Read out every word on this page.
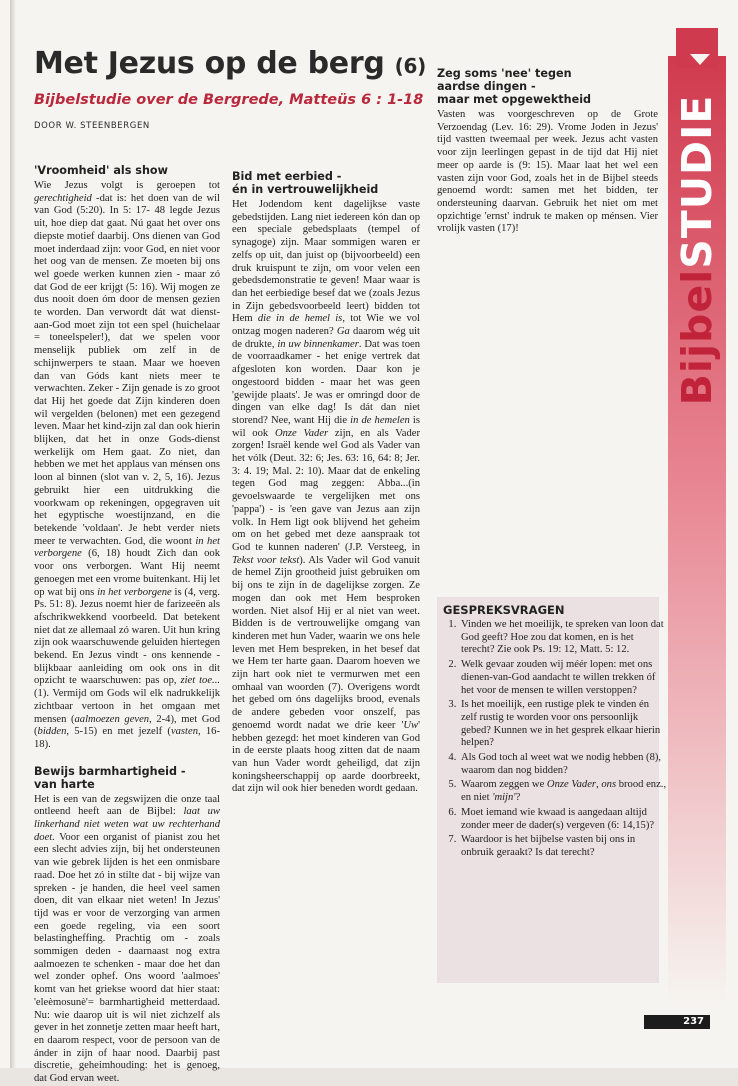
Met Jezus op de berg (6)
Bijbelstudie over de Bergrede, Matteüs 6 : 1-18
DOOR W. STEENBERGEN
'Vroomheid' als show

Wie Jezus volgt is geroepen tot gerechtigheid -dat is: het doen van de wil van God (5:20). In 5: 17- 48 legde Jezus uit, hoe diep dat gaat. Nú gaat het over ons diepste motief daarbij. Ons dienen van God moet inderdaad zijn: voor God, en niet voor het oog van de mensen. Ze moeten bij ons wel goede werken kunnen zien - maar zó dat God de eer krijgt (5: 16). Wij mogen ze dus nooit doen óm door de mensen gezien te worden. Dan verwordt dát wat dienst-aan-God moet zijn tot een spel (huichelaar = toneelspeler!), dat we spelen voor menselijk publiek om zelf in de schijnwerpers te staan. Maar we hoeven dan van Góds kant niets meer te verwachten. Zeker - Zijn genade is zo groot dat Hij het goede dat Zijn kinderen doen wil vergelden (belonen) met een gezegend leven. Maar het kind-zijn zal dan ook hierin blijken, dat het in onze Gods-dienst werkelijk om Hem gaat. Zo niet, dan hebben we met het applaus van ménsen ons loon al binnen (slot van v. 2, 5, 16). Jezus gebruikt hier een uitdrukking die voorkwam op rekeningen, opgegraven uit het egyptische woestijnzand, en die betekende 'voldaan'. Je hebt verder niets meer te verwachten. God, die woont in het verborgene (6, 18) houdt Zich dan ook voor ons verborgen. Want Hij neemt genoegen met een vrome buitenkant. Hij let op wat bij ons in het verborgene is (4, verg. Ps. 51: 8). Jezus noemt hier de farizeeën als afschrikwekkend voorbeeld. Dat betekent niet dat ze allemaal zó waren. Uit hun kring zijn ook waarschuwende geluiden hiertegen bekend. En Jezus vindt - ons kennende - blijkbaar aanleiding om ook ons in dit opzicht te waarschuwen: pas op, ziet toe... (1). Vermijd om Gods wil elk nadrukkelijk zichtbaar vertoon in het omgaan met mensen (aalmoezen geven, 2-4), met God (bidden, 5-15) en met jezelf (vasten, 16-18).

Bewijs barmhartigheid -
van harte

Het is een van de zegswijzen die onze taal ontleend heeft aan de Bijbel: laat uw linkerhand niet weten wat uw rechterhand doet. Voor een organist of pianist zou het een slecht advies zijn, bij het ondersteunen van wie gebrek lijden is het een onmisbare raad. Doe het zó in stilte dat - bij wijze van spreken - je handen, die heel veel samen doen, dit van elkaar niet weten! In Jezus' tijd was er voor de verzorging van armen een goede regeling, via een soort belastingheffing. Prachtig om - zoals sommigen deden - daarnaast nog extra aalmoezen te schenken - maar doe het dan wel zonder ophef. Ons woord 'aalmoes' komt van het griekse woord dat hier staat: 'eleèmosunè'= barmhartigheid metterdaad. Nu: wie daarop uit is wil niet zichzelf als gever in het zonnetje zetten maar heeft hart, en daarom respect, voor de persoon van de ánder in zijn of haar nood. Daarbij past discretie, geheimhouding: het is genoeg, dat God ervan weet.

Bid met eerbied -
én in vertrouwelijkheid

Het Jodendom kent dagelijkse vaste gebedstijden. Lang niet iedereen kón dan op een speciale gebedsplaats (tempel of synagoge) zijn. Maar sommigen waren er zelfs op uit, dan juist op (bijvoorbeeld) een druk kruispunt te zijn, om voor velen een gebedsdemonstratie te geven! Maar waar is dan het eerbiedige besef dat we (zoals Jezus in Zijn gebedsvoorbeeld leert) bidden tot Hem die in de hemel is, tot Wie we vol ontzag mogen naderen? Ga daarom wég uit de drukte, in uw binnenkamer. Dat was toen de voorraadkamer - het enige vertrek dat afgesloten kon worden. Daar kon je ongestoord bidden - maar het was geen 'gewijde plaats'. Je was er omringd door de dingen van elke dag! Is dát dan niet storend? Nee, want Hij die in de hemelen is wil ook Onze Vader zijn, en als Vader zorgen! Israël kende wel God als Vader van het vólk (Deut. 32: 6; Jes. 63: 16, 64: 8; Jer. 3: 4. 19; Mal. 2: 10). Maar dat de enkeling tegen God mag zeggen: Abba...(in gevoelswaarde te vergelijken met ons 'pappa') - is 'een gave van Jezus aan zijn volk. In Hem ligt ook blijvend het geheim om on het gebed met deze aanspraak tot God te kunnen naderen' (J.P. Versteeg, in Tekst voor tekst). Als Vader wil God vanuit de hemel Zijn grootheid juist gebruiken om bij ons te zijn ín de dagelijkse zorgen. Ze mogen dan ook met Hem besproken worden. Niet alsof Hij er al niet van weet. Bidden is de vertrouwelijke omgang van kinderen met hun Vader, waarin we ons hele leven met Hem bespreken, in het besef dat we Hem ter harte gaan. Daarom hoeven we zijn hart ook niet te vermurwen met een omhaal van woorden (7). Overigens wordt het gebed om óns dagelijks brood, evenals de andere gebeden voor onszelf, pas genoemd wordt nadat we drie keer 'Uw' hebben gezegd: het moet kinderen van God in de eerste plaats hoog zitten dat de naam van hun Vader wordt geheiligd, dat zijn koningsheerschappij op aarde doorbreekt, dat zijn wil ook hier beneden wordt gedaan.

Zeg soms 'nee' tegen
aardse dingen -
maar met opgewektheid

Vasten was voorgeschreven op de Grote Verzoendag (Lev. 16: 29). Vrome Joden in Jezus' tijd vastten tweemaal per week. Jezus acht vasten voor zijn leerlingen gepast in de tijd dat Hij niet meer op aarde is (9: 15). Maar laat het wel een vasten zijn voor God, zoals het in de Bijbel steeds genoemd wordt: samen met het bidden, ter ondersteuning daarvan. Gebruik het niet om met opzichtige 'ernst' indruk te maken op ménsen. Vier vrolijk vasten (17)!

GESPREKSVRAGEN
1. Vinden we het moeilijk, te spreken van loon dat God geeft? Hoe zou dat komen, en is het terecht? Zie ook Ps. 19: 12, Matt. 5: 12.
2. Welk gevaar zouden wij méér lopen: met ons dienen-van-God aandacht te willen trekken óf het voor de mensen te willen verstoppen?
3. Is het moeilijk, een rustige plek te vinden én zelf rustig te worden voor ons persoonlijk gebed? Kunnen we in het gesprek elkaar hierin helpen?
4. Als God toch al weet wat we nodig hebben (8), waarom dan nog bidden?
5. Waarom zeggen we Onze Vader, ons brood enz., en niet 'mijn'?
6. Moet iemand wie kwaad is aangedaan altijd zonder meer de dader(s) vergeven (6: 14,15)?
7. Waardoor is het bijbelse vasten bij ons in onbruik geraakt? Is dat terecht?
BijbelSTUDIE
237
